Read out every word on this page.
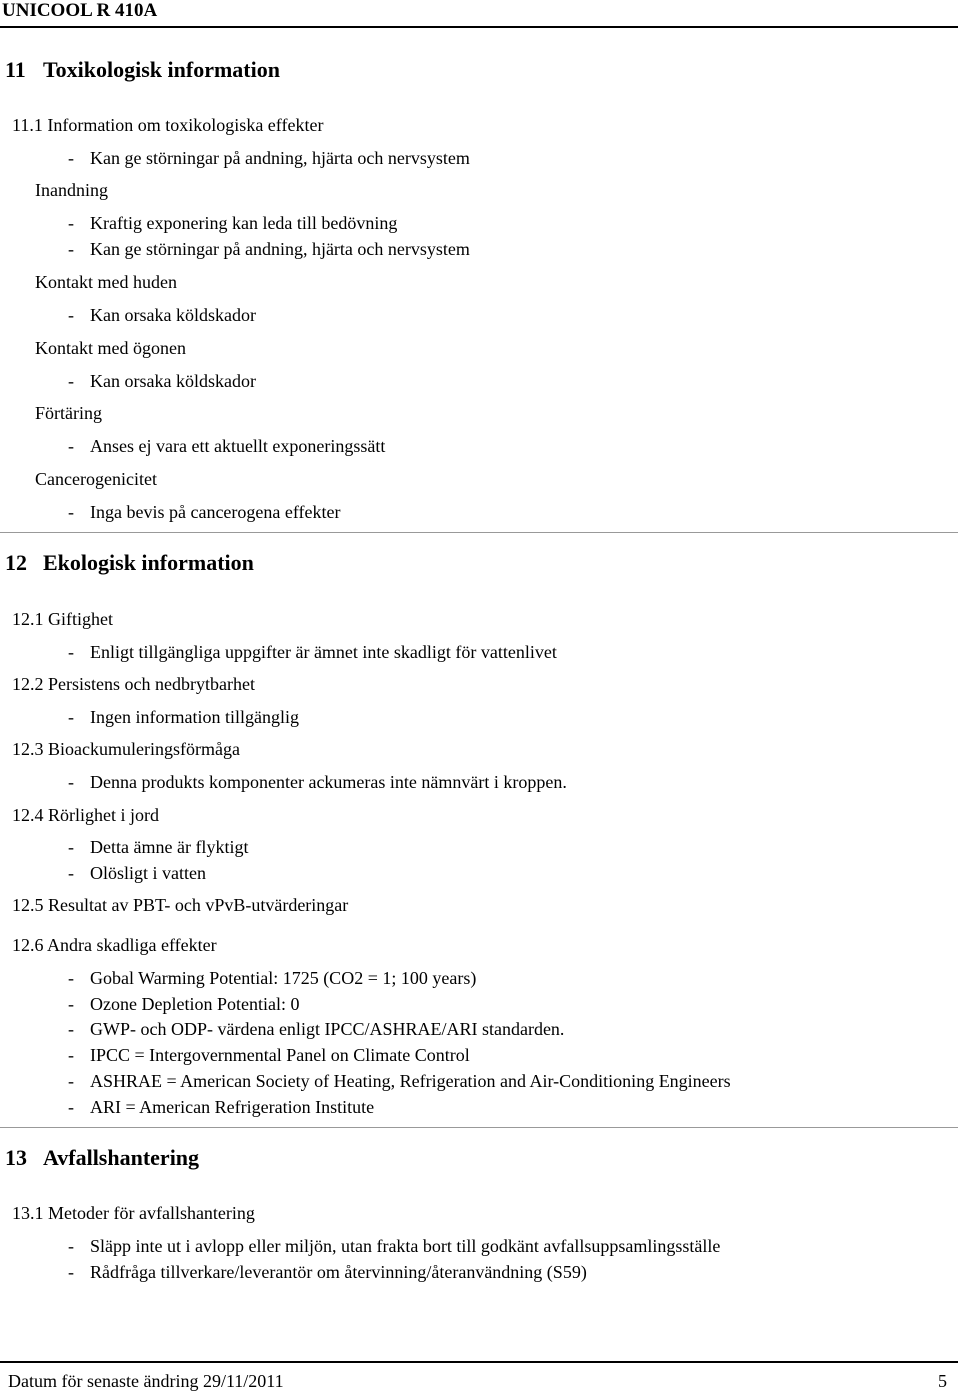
UNICOOL R 410A
11 Toxikologisk information
11.1 Information om toxikologiska effekter
- Kan ge störningar på andning, hjärta och nervsystem
Inandning
- Kraftig exponering kan leda till bedövning
- Kan ge störningar på andning, hjärta och nervsystem
Kontakt med huden
- Kan orsaka köldskador
Kontakt med ögonen
- Kan orsaka köldskador
Förtäring
- Anses ej vara ett aktuellt exponeringssätt
Cancerogenicitet
- Inga bevis på cancerogena effekter
12 Ekologisk information
12.1 Giftighet
- Enligt tillgängliga uppgifter är ämnet inte skadligt för vattenlivet
12.2 Persistens och nedbrytbarhet
- Ingen information tillgänglig
12.3 Bioackumuleringsförmåga
- Denna produkts komponenter ackumeras inte nämnvärt i kroppen.
12.4 Rörlighet i jord
- Detta ämne är flyktigt
- Olösligt i vatten
12.5 Resultat av PBT- och vPvB-utvärderingar
12.6 Andra skadliga effekter
- Gobal Warming Potential: 1725 (CO2 = 1; 100 years)
- Ozone Depletion Potential: 0
- GWP- och ODP- värdena enligt IPCC/ASHRAE/ARI standarden.
- IPCC = Intergovernmental Panel on Climate Control
- ASHRAE = American Society of Heating, Refrigeration and Air-Conditioning Engineers
- ARI = American Refrigeration Institute
13 Avfallshantering
13.1 Metoder för avfallshantering
- Släpp inte ut i avlopp eller miljön, utan frakta bort till godkänt avfallsuppsamlingsställe
- Rådfråga tillverkare/leverantör om återvinning/återanvändning (S59)
Datum för senaste ändring 29/11/2011	5
